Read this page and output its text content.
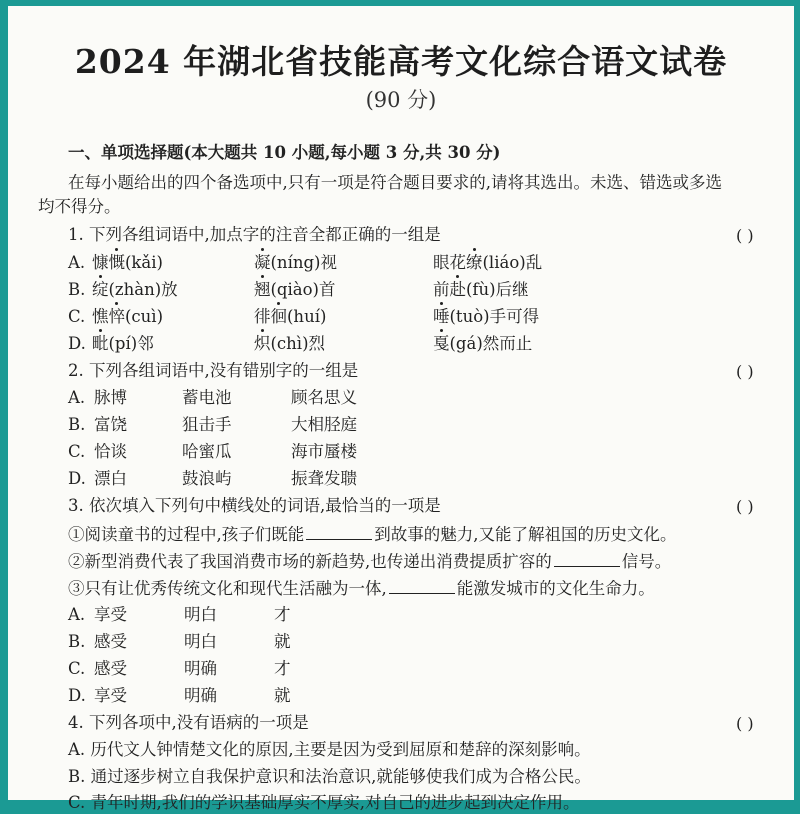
2024 年湖北省技能高考文化综合语文试卷
(90 分)
一、单项选择题(本大题共 10 小题,每小题 3 分,共 30 分)
在每小题给出的四个备选项中,只有一项是符合题目要求的,请将其选出。未选、错选或多选
均不得分。
1. 下列各组词语中,加点字的注音全都正确的一组是	( )
A. 慷慨(kǎi)	凝(níng)视	眼花缭(liáo)乱
B. 绽(zhàn)放	翘(qiào)首	前赴(fù)后继
C. 憔悴(cuì)	徘徊(huí)	唾(tuò)手可得
D. 毗(pí)邻	炽(chì)烈	戛(gá)然而止
2. 下列各组词语中,没有错别字的一组是	( )
A. 脉博	蓄电池	顾名思义
B. 富饶	狙击手	大相胫庭
C. 恰谈	哈蜜瓜	海市蜃楼
D. 漂白	鼓浪屿	振聋发聩
3. 依次填入下列句中横线处的词语,最恰当的一项是	( )
①阅读童书的过程中,孩子们既能	到故事的魅力,又能了解祖国的历史文化。
②新型消费代表了我国消费市场的新趋势,也传递出消费提质扩容的	信号。
③只有让优秀传统文化和现代生活融为一体,	能激发城市的文化生命力。
A. 享受	明白	才
B. 感受	明白	就
C. 感受	明确	才
D. 享受	明确	就
4. 下列各项中,没有语病的一项是	( )
A. 历代文人钟情楚文化的原因,主要是因为受到屈原和楚辞的深刻影响。
B. 通过逐步树立自我保护意识和法治意识,就能够使我们成为合格公民。
C. 青年时期,我们的学识基础厚实不厚实,对自己的进步起到决定作用。
